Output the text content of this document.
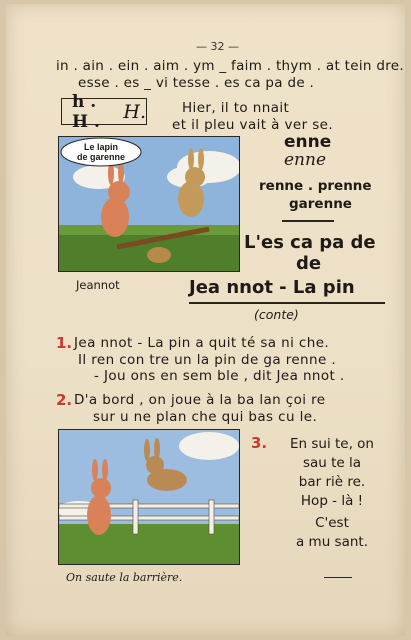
— 32 —
in . ain . ein . aim . ym _ faim . thym . at tein dre.
esse . es _ vi tesse . es ca pa de .
h . H .	H.	Hier, il to nnait
et il pleu vait à ver se.
Le lapin
de garenne
Jeannot
enne
enne
renne . prenne
garenne
L'es ca pa de
de
Jea nnot - La pin
(conte)
1. Jea nnot - La pin a quit té sa ni che.
Il ren con tre un la pin de ga renne .
- Jou ons en sem ble , dit Jea nnot .
2. D'a bord , on joue à la ba lan çoi re
sur u ne plan che qui bas cu le.
3.	En sui te, on
sau te la
bar riè re.
Hop - là !
C'est
a mu sant.
On saute la barrière.
